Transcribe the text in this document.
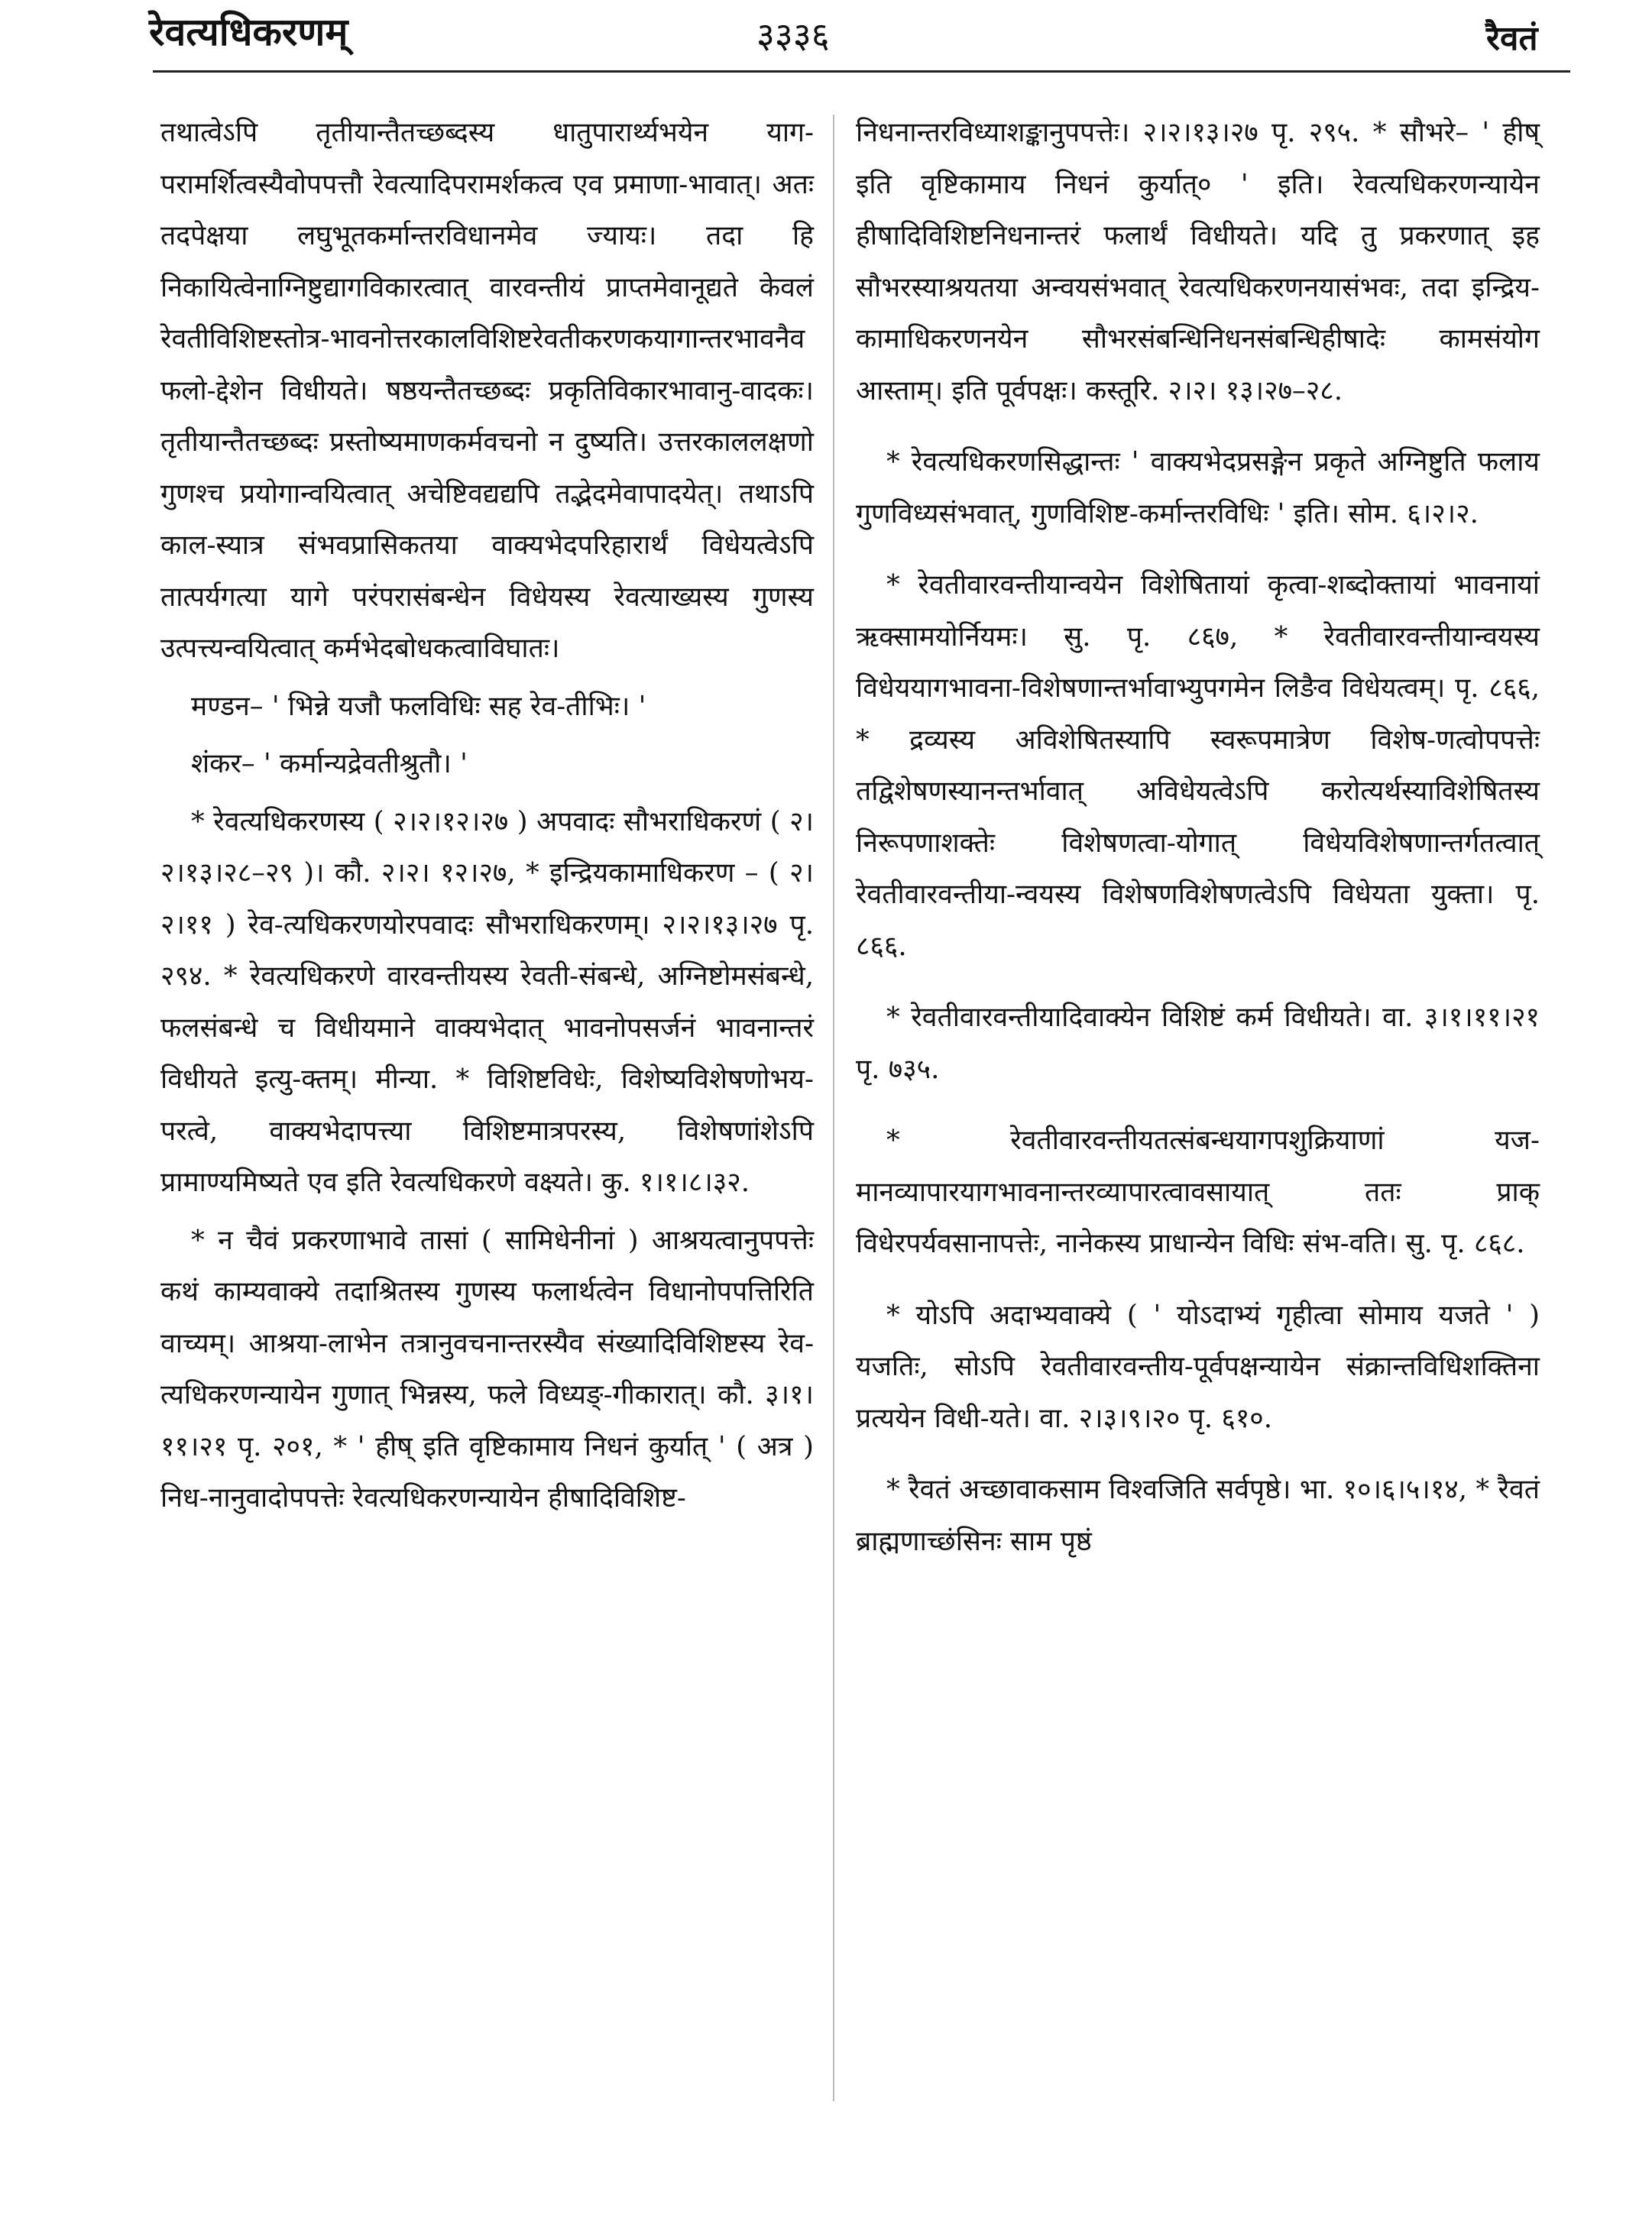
रेवत्यधिकरणम्	३३३६	रैवतं

तथात्वेऽपि तृतीयान्तैतच्छब्दस्य धातुपारार्थ्यभयेन याग-परामर्शित्वस्यैवोपपत्तौ रेवत्यादिपरामर्शकत्व एव प्रमाणा-भावात्। अतः तदपेक्षया लघुभूतकर्मान्तरविधानमेव ज्यायः। तदा हि निकायित्वेनाग्निष्टुद्यागविकारत्वात् वारवन्तीयं प्राप्तमेवानूद्यते केवलं रेवतीविशिष्टस्तोत्र-भावनोत्तरकालविशिष्टरेवतीकरणकयागान्तरभावनैव फलो-द्देशेन विधीयते। षष्ठयन्तैतच्छब्दः प्रकृतिविकारभावानु-वादकः। तृतीयान्तैतच्छब्दः प्रस्तोष्यमाणकर्मवचनो न दुष्यति। उत्तरकाललक्षणो गुणश्च प्रयोगान्वयित्वात् अचेष्टिवद्यद्यपि तद्भेदमेवापादयेत्। तथाऽपि काल-स्यात्र संभवप्रासिकतया वाक्यभेदपरिहारार्थं विधेयत्वेऽपि तात्पर्यगत्या यागे परंपरासंबन्धेन विधेयस्य रेवत्याख्यस्य गुणस्य उत्पत्त्यन्वयित्वात् कर्मभेदबोधकत्वाविघातः।

मण्डन– ' भिन्ने यजौ फलविधिः सह रेव-तीभिः। '

शंकर– ' कर्मान्यद्रेवतीश्रुतौ। '

* रेवत्यधिकरणस्य ( २।२।१२।२७ ) अपवादः सौभराधिकरणं ( २।२।१३।२८–२९ )। कौ. २।२। १२।२७, * इन्द्रियकामाधिकरण – ( २।२।११ ) रेव-त्यधिकरणयोरपवादः सौभराधिकरणम्। २।२।१३।२७ पृ. २९४. * रेवत्यधिकरणे वारवन्तीयस्य रेवती-संबन्धे, अग्निष्टोमसंबन्धे, फलसंबन्धे च विधीयमाने वाक्यभेदात् भावनोपसर्जनं भावनान्तरं विधीयते इत्यु-क्तम्। मीन्या. * विशिष्टविधेः, विशेष्यविशेषणोभय-परत्वे, वाक्यभेदापत्त्या विशिष्टमात्रपरस्य, विशेषणांशेऽपि प्रामाण्यमिष्यते एव इति रेवत्यधिकरणे वक्ष्यते। कु. १।१।८।३२.

* न चैवं प्रकरणाभावे तासां ( सामिधेनीनां ) आश्रयत्वानुपपत्तेः कथं काम्यवाक्ये तदाश्रितस्य गुणस्य फलार्थत्वेन विधानोपपत्तिरिति वाच्यम्। आश्रया-लाभेन तत्रानुवचनान्तरस्यैव संख्यादिविशिष्टस्य रेव-त्यधिकरणन्यायेन गुणात् भिन्नस्य, फले विध्यङ्-गीकारात्। कौ. ३।१।११।२१ पृ. २०१, * ' हीष् इति वृष्टिकामाय निधनं कुर्यात् ' ( अत्र ) निध-नानुवादोपपत्तेः रेवत्यधिकरणन्यायेन हीषादिविशिष्ट-

निधनान्तरविध्याशङ्कानुपपत्तेः। २।२।१३।२७ पृ. २९५. * सौभरे– ' हीष् इति वृष्टिकामाय निधनं कुर्यात्० ' इति। रेवत्यधिकरणन्यायेन हीषादिविशिष्टनिधनान्तरं फलार्थं विधीयते। यदि तु प्रकरणात् इह सौभरस्याश्रयतया अन्वयसंभवात् रेवत्यधिकरणनयासंभवः, तदा इन्द्रिय-कामाधिकरणनयेन सौभरसंबन्धिनिधनसंबन्धिहीषादेः कामसंयोग आस्ताम्। इति पूर्वपक्षः। कस्तूरि. २।२। १३।२७–२८.

* रेवत्यधिकरणसिद्धान्तः ' वाक्यभेदप्रसङ्गेन प्रकृते अग्निष्टुति फलाय गुणविध्यसंभवात्, गुणविशिष्ट-कर्मान्तरविधिः ' इति। सोम. ६।२।२.

* रेवतीवारवन्तीयान्वयेन विशेषितायां कृत्वा-शब्दोक्तायां भावनायां ऋक्सामयोर्नियमः। सु. पृ. ८६७, * रेवतीवारवन्तीयान्वयस्य विधेययागभावना-विशेषणान्तर्भावाभ्युपगमेन लिङैव विधेयत्वम्। पृ. ८६६, * द्रव्यस्य अविशेषितस्यापि स्वरूपमात्रेण विशेष-णत्वोपपत्तेः तद्विशेषणस्यानन्तर्भावात् अविधेयत्वेऽपि करोत्यर्थस्याविशेषितस्य निरूपणाशक्तेः विशेषणत्वा-योगात् विधेयविशेषणान्तर्गतत्वात् रेवतीवारवन्तीया-न्वयस्य विशेषणविशेषणत्वेऽपि विधेयता युक्ता। पृ. ८६६.

* रेवतीवारवन्तीयादिवाक्येन विशिष्टं कर्म विधीयते। वा. ३।१।११।२१ पृ. ७३५.

* रेवतीवारवन्तीयतत्संबन्धयागपशुक्रियाणां यज-मानव्यापारयागभावनान्तरव्यापारत्वावसायात् ततः प्राक् विधेरपर्यवसानापत्तेः, नानेकस्य प्राधान्येन विधिः संभ-वति। सु. पृ. ८६८.

* योऽपि अदाभ्यवाक्ये ( ' योऽदाभ्यं गृहीत्वा सोमाय यजते ' ) यजतिः, सोऽपि रेवतीवारवन्तीय-पूर्वपक्षन्यायेन संक्रान्तविधिशक्तिना प्रत्ययेन विधी-यते। वा. २।३।९।२० पृ. ६१०.

* रैवतं अच्छावाकसाम विश्वजिति सर्वपृष्ठे। भा. १०।६।५।१४, * रैवतं ब्राह्मणाच्छंसिनः साम पृष्ठं
